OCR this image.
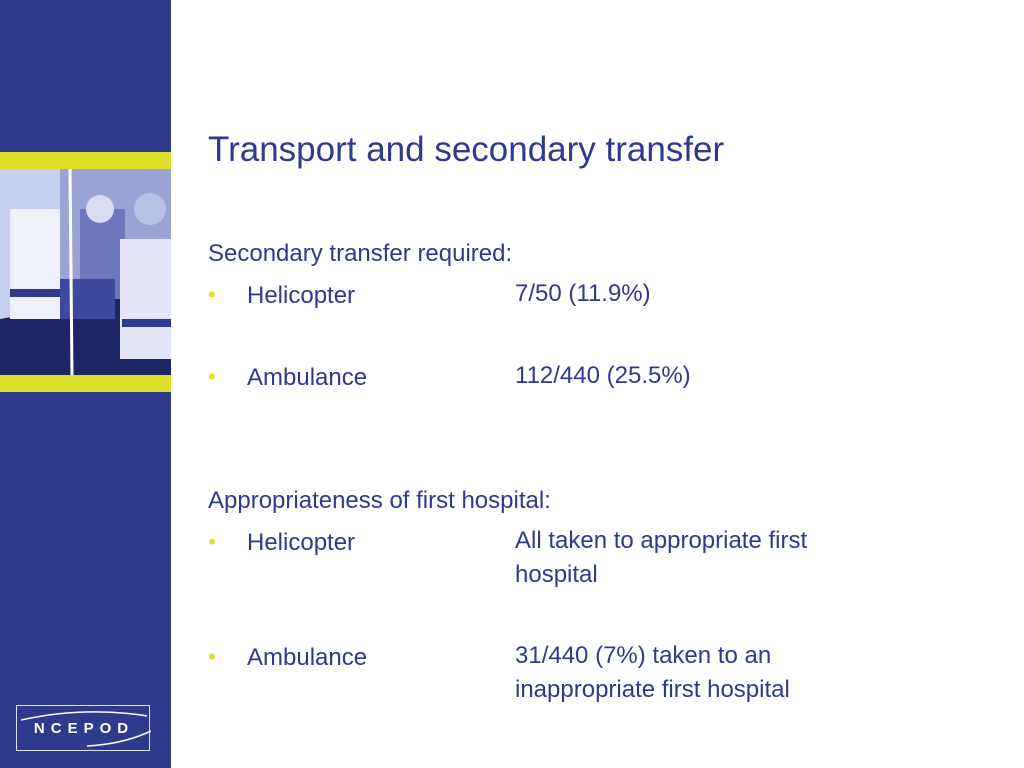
NCEPOD
Transport and secondary transfer
Secondary transfer required:
• Helicopter	7/50 (11.9%)
• Ambulance	112/440 (25.5%)
Appropriateness of first hospital:
• Helicopter	All taken to appropriate first hospital
• Ambulance	31/440 (7%) taken to an inappropriate first hospital
